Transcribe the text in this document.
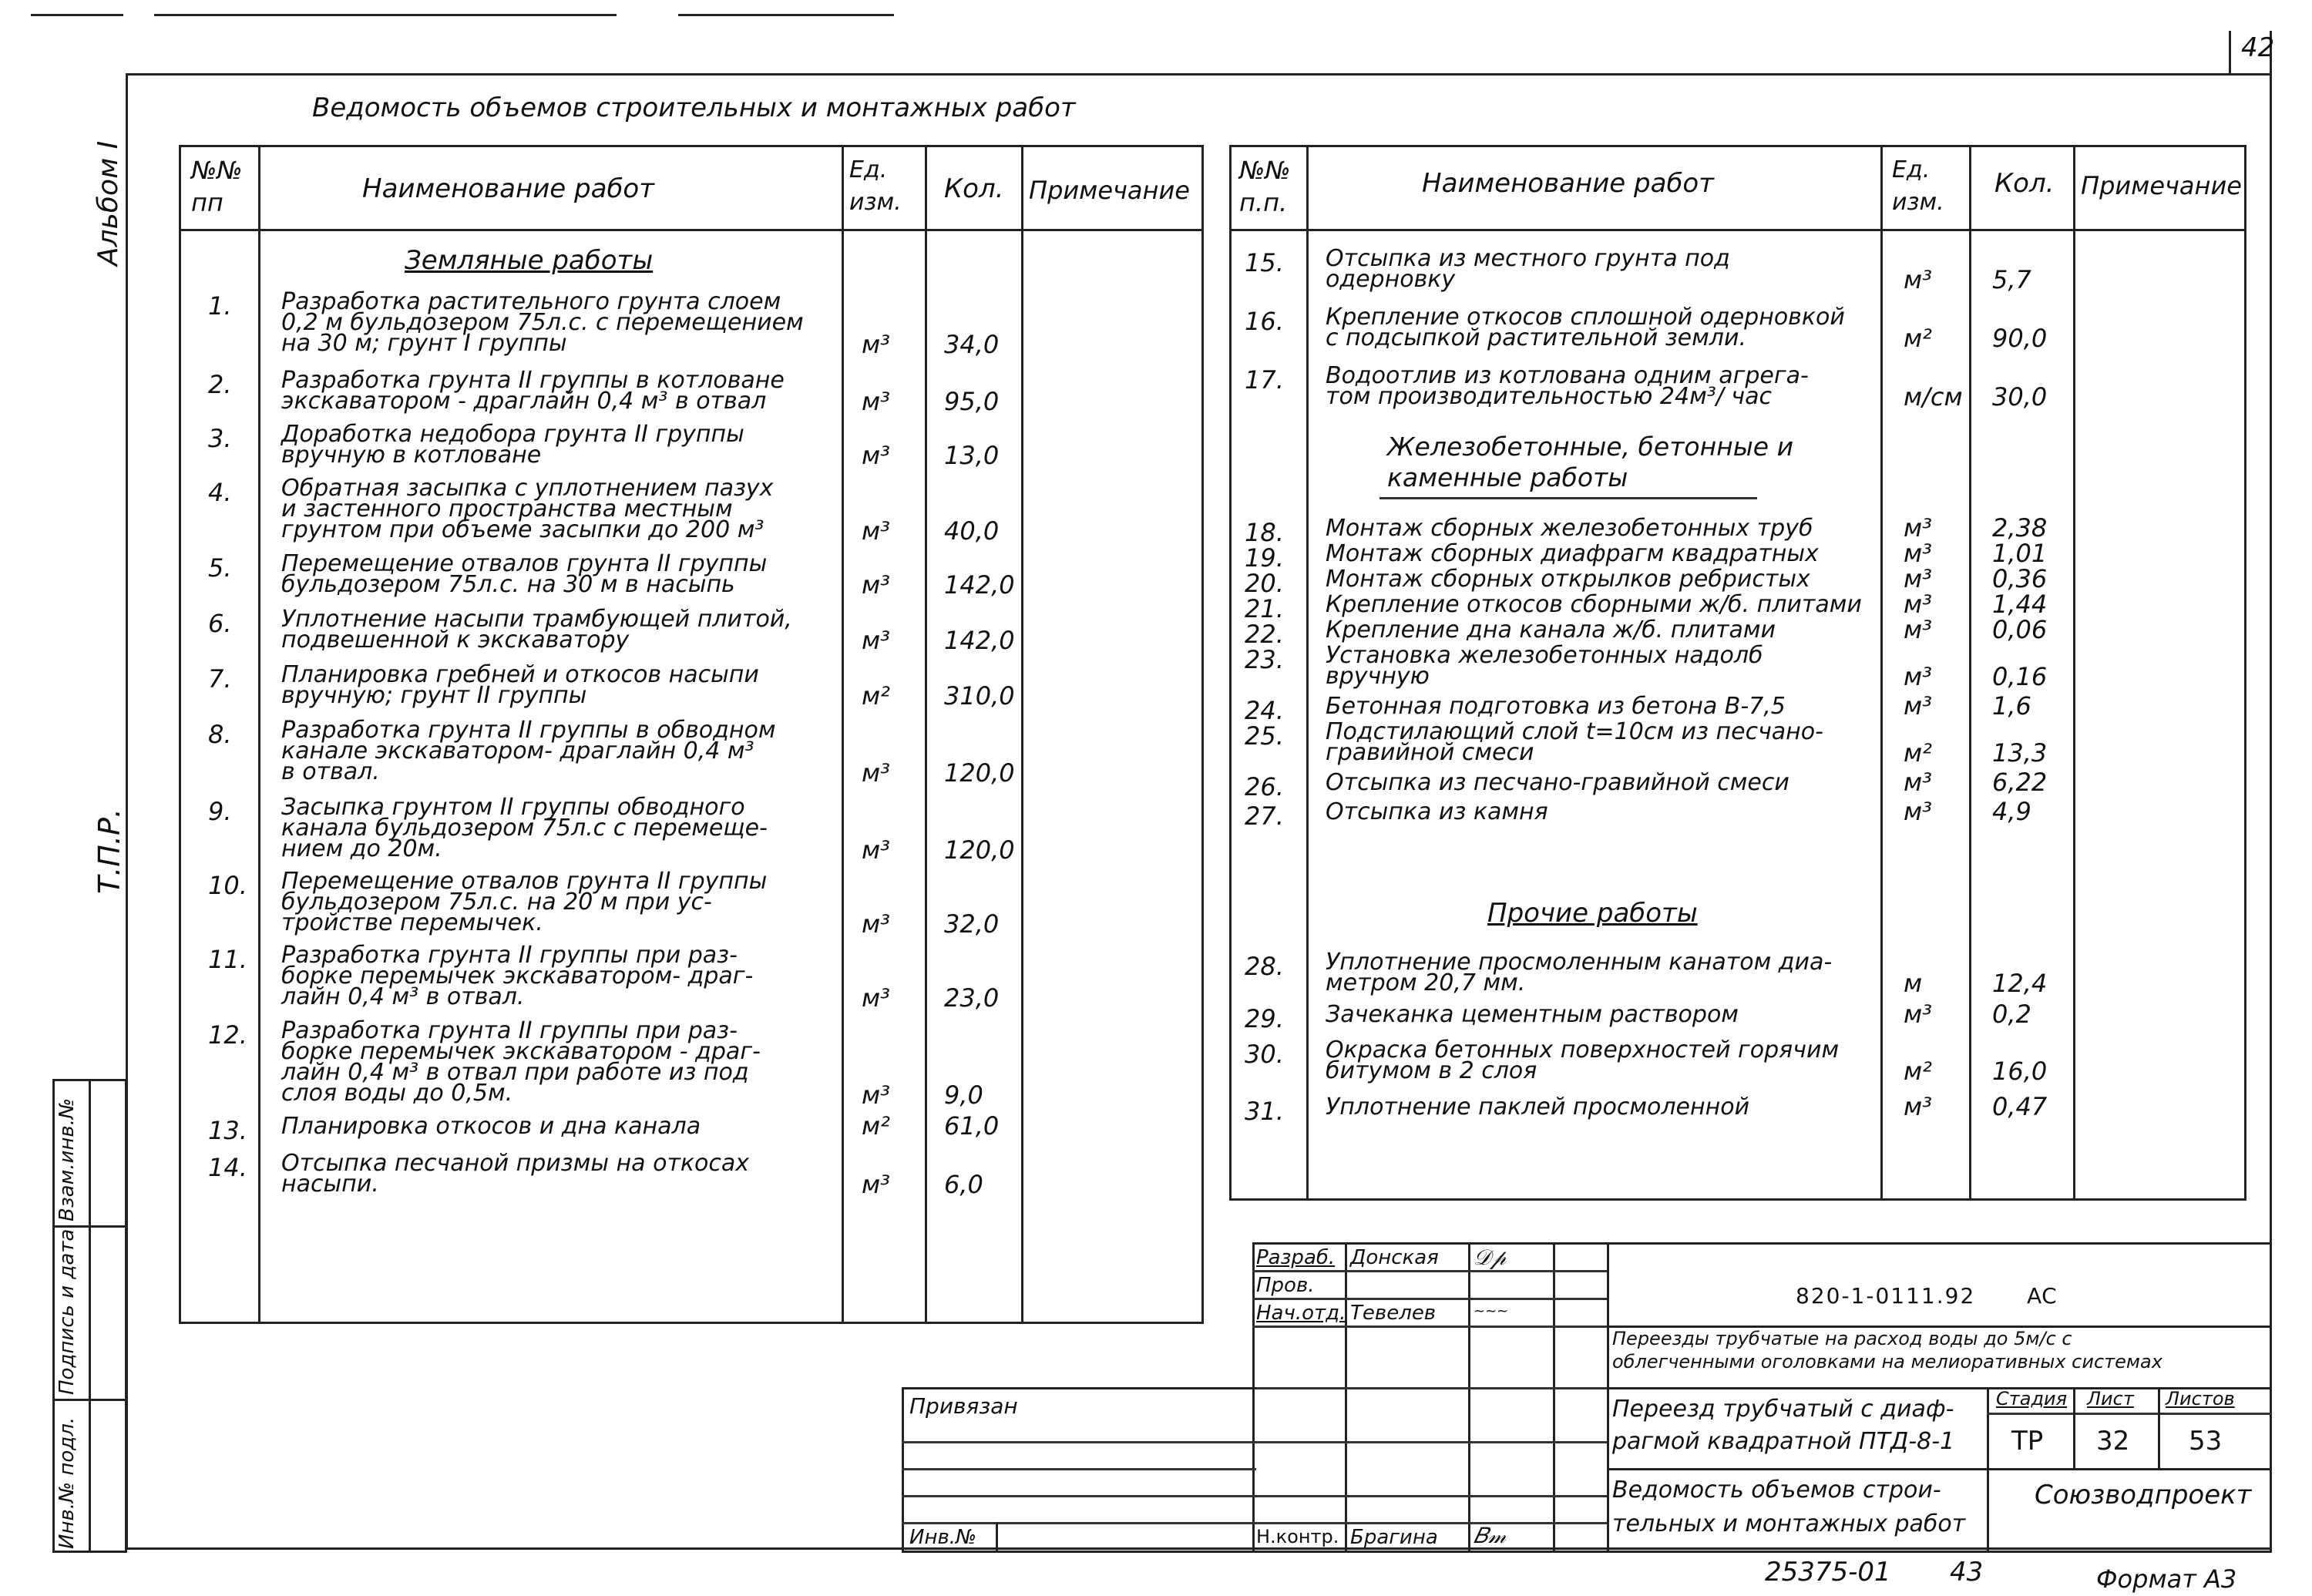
42
Альбом I
Т.П.Р.
Взам.инв.№
Подпись и дата
Инв.№ подл.
Ведомость объемов строительных и монтажных работ
№№ пп	Наименование работ
Ед. изм.	Кол. Примечание
Земляные работы
1. Разработка растительного грунта слоем
0,2 м бульдозером 75л.с. с перемещением
на 30 м; грунт I группы	м³ 34,0
2. Разработка грунта II группы в котловане
экскаватором - драглайн 0,4 м³ в отвал	м³ 95,0
3. Доработка недобора грунта II группы
вручную в котловане	м³ 13,0
4. Обратная засыпка с уплотнением пазух
и застенного пространства местным
грунтом при объеме засыпки до 200 м³	м³ 40,0
5. Перемещение отвалов грунта II группы
бульдозером 75л.с. на 30 м в насыпь	м³ 142,0
6. Уплотнение насыпи трамбующей плитой,
подвешенной к экскаватору	м³ 142,0
7. Планировка гребней и откосов насыпи
вручную; грунт II группы	м² 310,0
8. Разработка грунта II группы в обводном
канале экскаватором- драглайн 0,4 м³
в отвал.	м³ 120,0
9. Засыпка грунтом II группы обводного
канала бульдозером 75л.с с перемеще-
нием до 20м.	м³ 120,0
10. Перемещение отвалов грунта II группы
бульдозером 75л.с. на 20 м при ус-
тройстве перемычек.	м³ 32,0
11. Разработка грунта II группы при раз-
борке перемычек экскаватором- драг-
лайн 0,4 м³ в отвал.	м³ 23,0
12. Разработка грунта II группы при раз-
борке перемычек экскаватором - драг-
лайн 0,4 м³ в отвал при работе из под
слоя воды до 0,5м.	м³ 9,0
13. Планировка откосов и дна канала	м² 61,0
14. Отсыпка песчаной призмы на откосах
насыпи.	м³ 6,0
№№ п.п.
Наименование работ	Ед. изм.
Кол. Примечание
Железобетонные, бетонные и
каменные работы
Прочие работы
15. Отсыпка из местного грунта под
одерновку	м³ 5,7
16. Крепление откосов сплошной одерновкой
с подсыпкой растительной земли.	м² 90,0
17. Водоотлив из котлована одним агрега-
том производительностью 24м³/ час	м/см 30,0
18. Монтаж сборных железобетонных труб	м³ 2,38
19. Монтаж сборных диафрагм квадратных	м³ 1,01
20. Монтаж сборных открылков ребристых	м³ 0,36
21. Крепление откосов сборными ж/б. плитами м³ 1,44
22. Крепление дна канала ж/б. плитами	м³ 0,06
23. Установка железобетонных надолб
вручную	м³ 0,16
24. Бетонная подготовка из бетона В-7,5	м³ 1,6
25. Подстилающий слой t=10см из песчано-
гравийной смеси	м² 13,3
26. Отсыпка из песчано-гравийной смеси	м³ 6,22
27. Отсыпка из камня	м³ 4,9
28. Уплотнение просмоленным канатом диа-
метром 20,7 мм.	м	12,4
29. Зачеканка цементным раствором	м³ 0,2
30. Окраска бетонных поверхностей горячим
битумом в 2 слоя	м² 16,0
31. Уплотнение паклей просмоленной	м³ 0,47
Разраб. Донская 𝒟𝓅
Пров.
Нач.отд. Тевелев	~~~
Н.контр. Брагина 𝐵𝓂
Привязан
Инв.№
820-1-0111.92 АС
Переезды трубчатые на расход воды до 5м/с с
облегченными оголовками на мелиоративных системах
Переезд трубчатый с диаф-
рагмой квадратной ПТД-8-1
Ведомость объемов строи-
тельных и монтажных работ
Стадия Лист Листов
ТР 32 53
Союзводпроект
25375-01 43	Формат А3
